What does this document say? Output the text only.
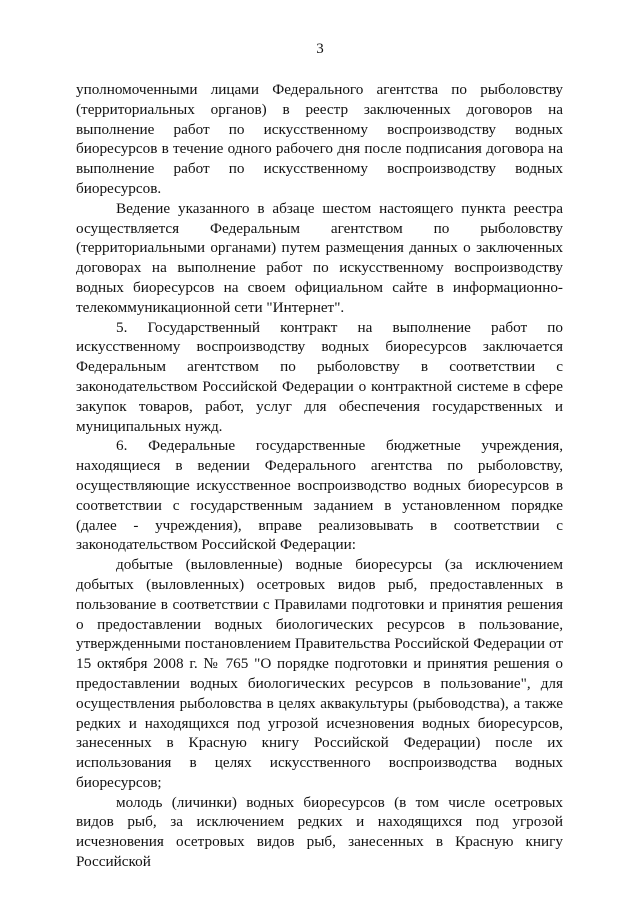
3

уполномоченными лицами Федерального агентства по рыболовству (территориальных органов) в реестр заключенных договоров на выполнение работ по искусственному воспроизводству водных биоресурсов в течение одного рабочего дня после подписания договора на выполнение работ по искусственному воспроизводству водных биоресурсов.

Ведение указанного в абзаце шестом настоящего пункта реестра осуществляется Федеральным агентством по рыболовству (территориальными органами) путем размещения данных о заключенных договорах на выполнение работ по искусственному воспроизводству водных биоресурсов на своем официальном сайте в информационно-телекоммуникационной сети "Интернет".

5. Государственный контракт на выполнение работ по искусственному воспроизводству водных биоресурсов заключается Федеральным агентством по рыболовству в соответствии с законодательством Российской Федерации о контрактной системе в сфере закупок товаров, работ, услуг для обеспечения государственных и муниципальных нужд.

6. Федеральные государственные бюджетные учреждения, находящиеся в ведении Федерального агентства по рыболовству, осуществляющие искусственное воспроизводство водных биоресурсов в соответствии с государственным заданием в установленном порядке (далее - учреждения), вправе реализовывать в соответствии с законодательством Российской Федерации:

добытые (выловленные) водные биоресурсы (за исключением добытых (выловленных) осетровых видов рыб, предоставленных в пользование в соответствии с Правилами подготовки и принятия решения о предоставлении водных биологических ресурсов в пользование, утвержденными постановлением Правительства Российской Федерации от 15 октября 2008 г. № 765 "О порядке подготовки и принятия решения о предоставлении водных биологических ресурсов в пользование", для осуществления рыболовства в целях аквакультуры (рыбоводства), а также редких и находящихся под угрозой исчезновения водных биоресурсов, занесенных в Красную книгу Российской Федерации) после их использования в целях искусственного воспроизводства водных биоресурсов;

молодь (личинки) водных биоресурсов (в том числе осетровых видов рыб, за исключением редких и находящихся под угрозой исчезновения осетровых видов рыб, занесенных в Красную книгу Российской
